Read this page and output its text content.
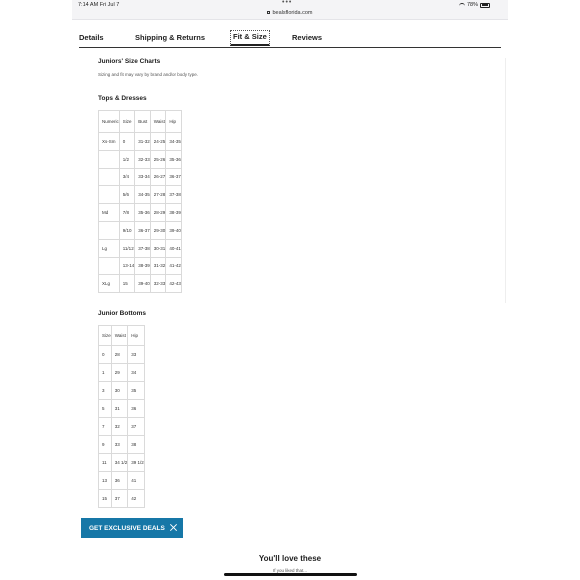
7:14 AM Fri Jul 7	•••
bealsflorida.com
78%
Details	Shipping & Returns	Fit & Size	Reviews
Juniors' Size Charts
Sizing and fit may vary by brand and/or body type.
Tops & Dresses
Numeric	Size	Bust	Waist	Hip
Xs-Sm	0	31-32	24-25	34-35
	1/2	32-33	25-26	35-36
	3/4	33-34	26-27	36-37
	5/6	34-35	27-28	37-38
Md	7/8	35-36	28-29	38-39
	9/10	36-37	29-30	39-40
Lg	11/12	37-38	30-31	40-41
	13-14	38-39	31-32	41-42
XLg	15	39-40	32-33	42-43
Junior Bottoms
Size	Waist	Hip
0	28	33
1	29	34
3	30	35
5	31	36
7	32	37
9	33	38
11	34 1/2	39 1/2
13	36	41
15	37	42
GET EXCLUSIVE DEALS
You'll love these
If you liked that...
